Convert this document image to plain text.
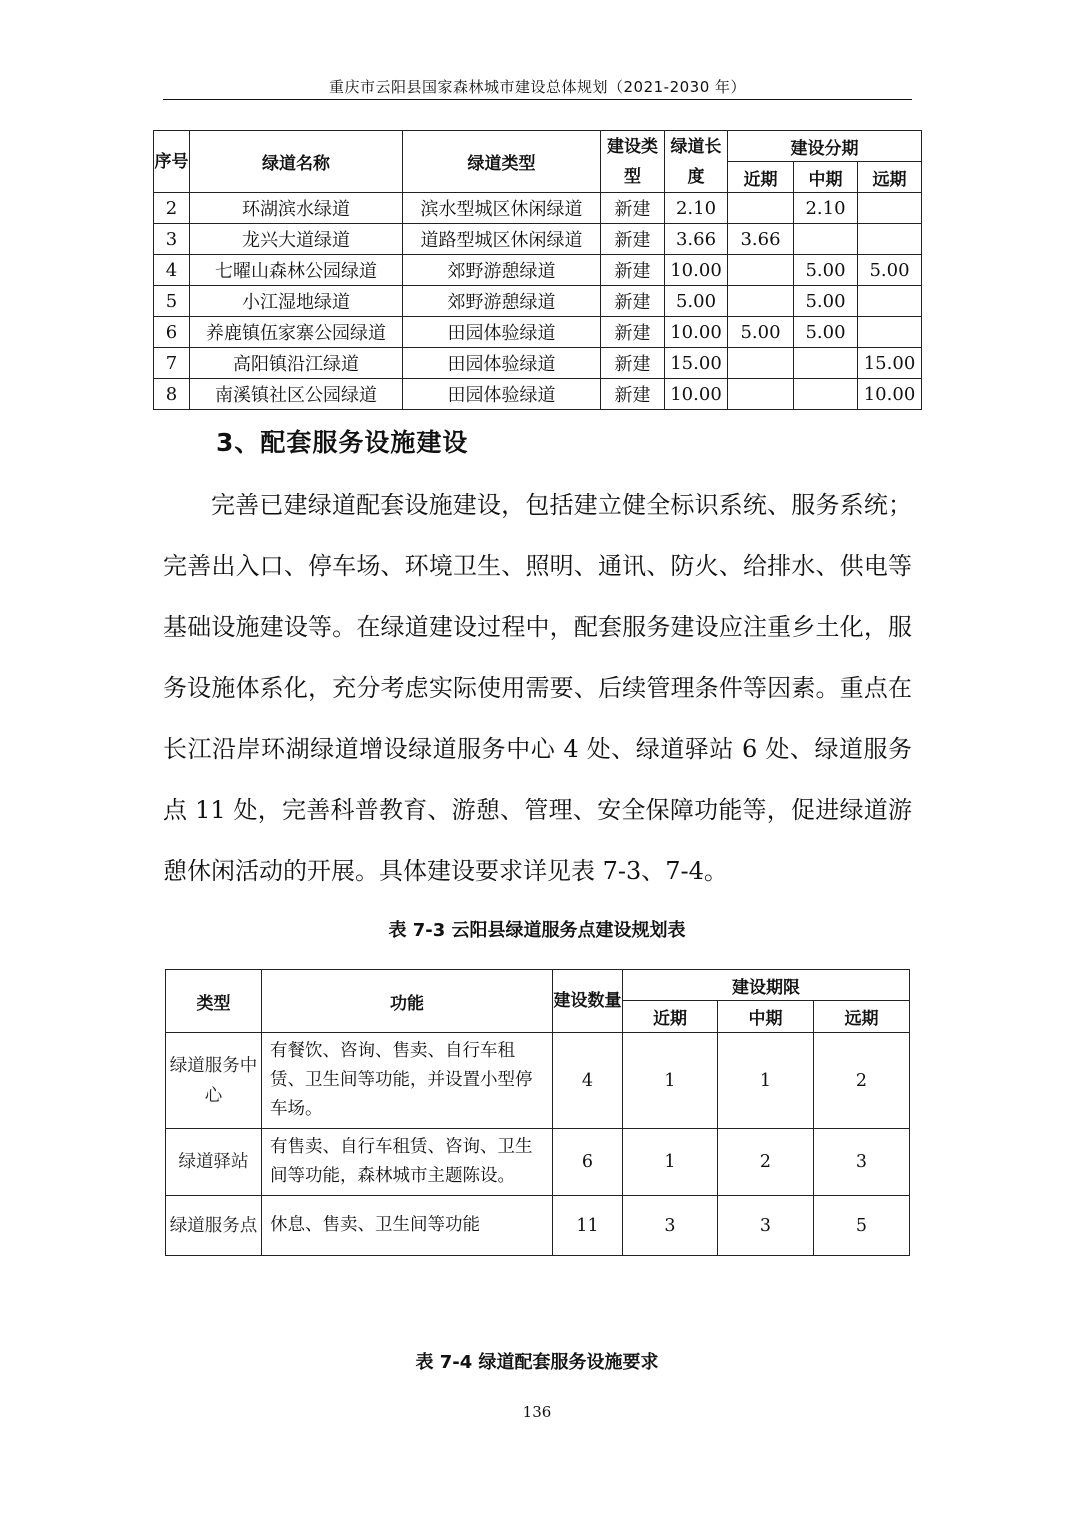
重庆市云阳县国家森林城市建设总体规划（2021-2030 年）
序号	绿道名称	绿道类型	建设类型	绿道长度	建设分期		
					近期	中期	远期
2	环湖滨水绿道	滨水型城区休闲绿道	新建	2.10		2.10	
3	龙兴大道绿道	道路型城区休闲绿道	新建	3.66	3.66		
4	七曜山森林公园绿道	郊野游憩绿道	新建	10.00		5.00	5.00
5	小江湿地绿道	郊野游憩绿道	新建	5.00		5.00	
6	养鹿镇伍家寨公园绿道	田园体验绿道	新建	10.00	5.00	5.00	
7	高阳镇沿江绿道	田园体验绿道	新建	15.00			15.00
8	南溪镇社区公园绿道	田园体验绿道	新建	10.00			10.00
3、配套服务设施建设

完善已建绿道配套设施建设，包括建立健全标识系统、服务系统；完善出入口、停车场、环境卫生、照明、通讯、防火、给排水、供电等基础设施建设等。在绿道建设过程中，配套服务建设应注重乡土化，服务设施体系化，充分考虑实际使用需要、后续管理条件等因素。重点在长江沿岸环湖绿道增设绿道服务中心 4 处、绿道驿站 6 处、绿道服务点 11 处，完善科普教育、游憩、管理、安全保障功能等，促进绿道游憩休闲活动的开展。具体建设要求详见表 7-3、7-4。

表 7-3 云阳县绿道服务点建设规划表
类型	功能	建设数量	建设期限		
			近期	中期	远期
绿道服务中心	有餐饮、咨询、售卖、自行车租赁、卫生间等功能，并设置小型停车场。	4	1	1	2
绿道驿站	有售卖、自行车租赁、咨询、卫生间等功能，森林城市主题陈设。	6	1	2	3
绿道服务点	休息、售卖、卫生间等功能	11	3	3	5
表 7-4 绿道配套服务设施要求
136
